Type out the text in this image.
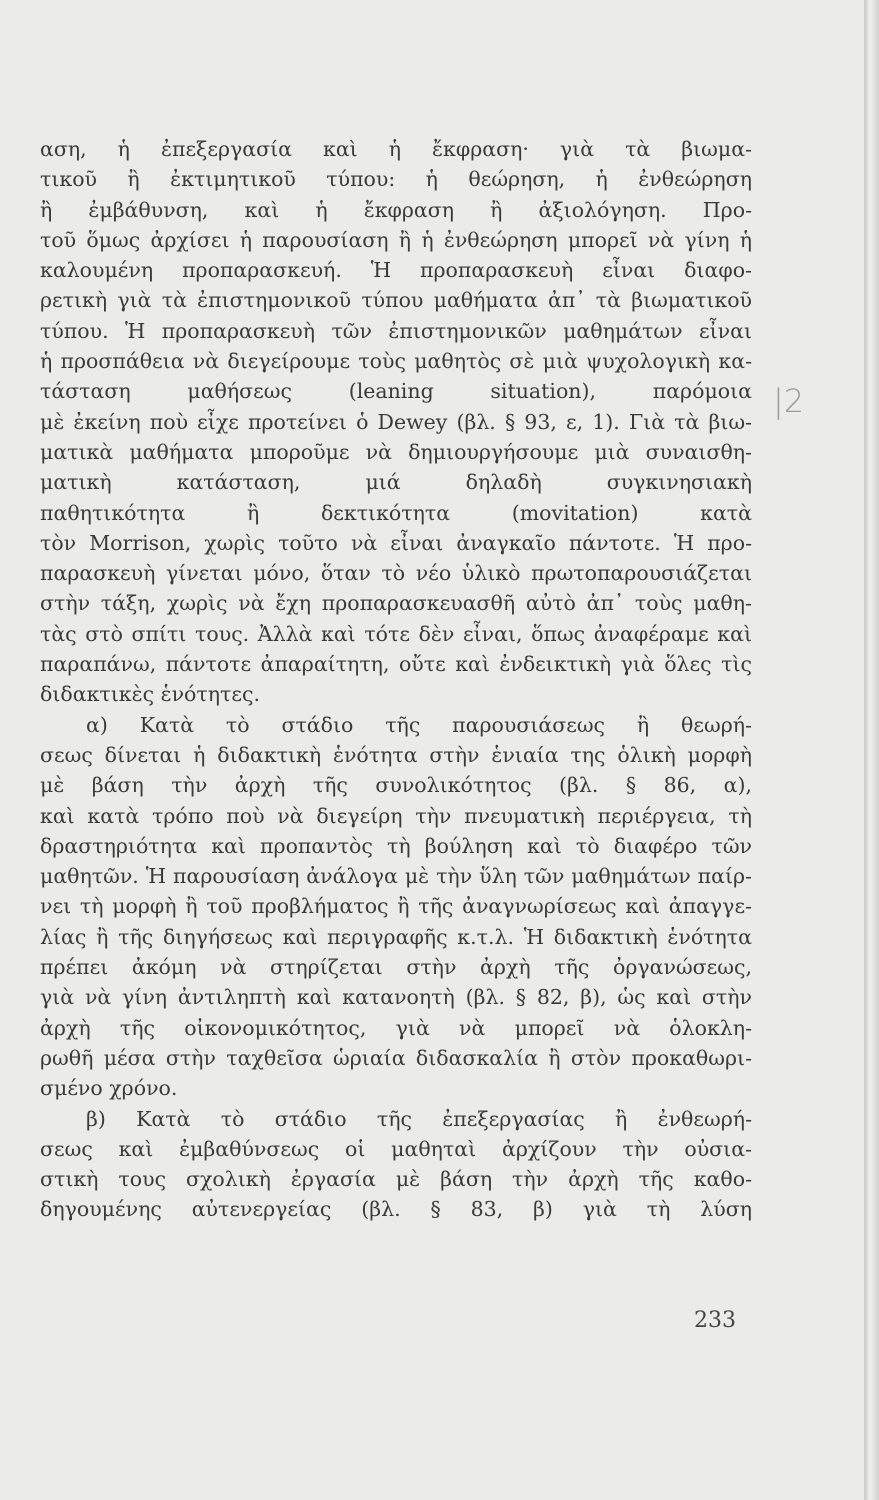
αση, ἡ ἐπεξεργασία καὶ ἡ ἔκφραση· γιὰ τὰ βιωμα-
τικοῦ ἢ ἐκτιμητικοῦ τύπου: ἡ θεώρηση, ἡ ἐνθεώρηση
ἢ ἐμβάθυνση, καὶ ἡ ἔκφραση ἢ ἀξιολόγηση. Προ-
τοῦ ὅμως ἀρχίσει ἡ παρουσίαση ἢ ἡ ἐνθεώρηση μπορεῖ νὰ γίνη ἡ
καλουμένη προπαρασκευή. Ἡ προπαρασκευὴ εἶναι διαφο-
ρετικὴ γιὰ τὰ ἐπιστημονικοῦ τύπου μαθήματα ἀπ᾽ τὰ βιωματικοῦ
τύπου. Ἡ προπαρασκευὴ τῶν ἐπιστημονικῶν μαθημάτων εἶναι
ἡ προσπάθεια νὰ διεγείρουμε τοὺς μαθητὸς σὲ μιὰ ψυχολογικὴ κα-
τάσταση μαθήσεως (leaning situation), παρόμοια
μὲ ἐκείνη ποὺ εἶχε προτείνει ὁ Dewey (βλ. § 93, ε, 1). Γιὰ τὰ βιω-
ματικὰ μαθήματα μποροῦμε νὰ δημιουργήσουμε μιὰ συναισθη-
ματικὴ κατάσταση, μιά δηλαδὴ συγκινησιακὴ
παθητικότητα ἢ δεκτικότητα (movitation) κατὰ
τὸν Morrison, χωρὶς τοῦτο νὰ εἶναι ἀναγκαῖο πάντοτε. Ἡ προ-
παρασκευὴ γίνεται μόνο, ὅταν τὸ νέο ὑλικὸ πρωτοπαρουσιάζεται
στὴν τάξη, χωρὶς νὰ ἔχη προπαρασκευασθῆ αὐτὸ ἀπ᾽ τοὺς μαθη-
τὰς στὸ σπίτι τους. Ἀλλὰ καὶ τότε δὲν εἶναι, ὅπως ἀναφέραμε καὶ
παραπάνω, πάντοτε ἀπαραίτητη, οὔτε καὶ ἐνδεικτικὴ γιὰ ὅλες τὶς
διδακτικὲς ἑνότητες.
α) Κατὰ τὸ στάδιο τῆς παρουσιάσεως ἢ θεωρή-
σεως δίνεται ἡ διδακτικὴ ἑνότητα στὴν ἑνιαία της ὁλικὴ μορφὴ
μὲ βάση τὴν ἀρχὴ τῆς συνολικότητος (βλ. § 86, α),
καὶ κατὰ τρόπο ποὺ νὰ διεγείρη τὴν πνευματικὴ περιέργεια, τὴ
δραστηριότητα καὶ προπαντὸς τὴ βούληση καὶ τὸ διαφέρο τῶν
μαθητῶν. Ἡ παρουσίαση ἀνάλογα μὲ τὴν ὕλη τῶν μαθημάτων παίρ-
νει τὴ μορφὴ ἢ τοῦ προβλήματος ἢ τῆς ἀναγνωρίσεως καὶ ἀπαγγε-
λίας ἢ τῆς διηγήσεως καὶ περιγραφῆς κ.τ.λ. Ἡ διδακτικὴ ἑνότητα
πρέπει ἀκόμη νὰ στηρίζεται στὴν ἀρχὴ τῆς ὀργανώσεως,
γιὰ νὰ γίνη ἀντιληπτὴ καὶ κατανοητὴ (βλ. § 82, β), ὡς καὶ στὴν
ἀρχὴ τῆς οἰκονομικότητος, γιὰ νὰ μπορεῖ νὰ ὁλοκλη-
ρωθῆ μέσα στὴν ταχθεῖσα ὡριαία διδασκαλία ἢ στὸν προκαθωρι-
σμένο χρόνο.
β) Κατὰ τὸ στάδιο τῆς ἐπεξεργασίας ἢ ἐνθεωρή-
σεως καὶ ἐμβαθύνσεως οἱ μαθηταὶ ἀρχίζουν τὴν οὐσια-
στικὴ τους σχολικὴ ἐργασία μὲ βάση τὴν ἀρχὴ τῆς καθο-
δηγουμένης αὐτενεργείας (βλ. § 83, β) γιὰ τὴ λύση
|2
233
